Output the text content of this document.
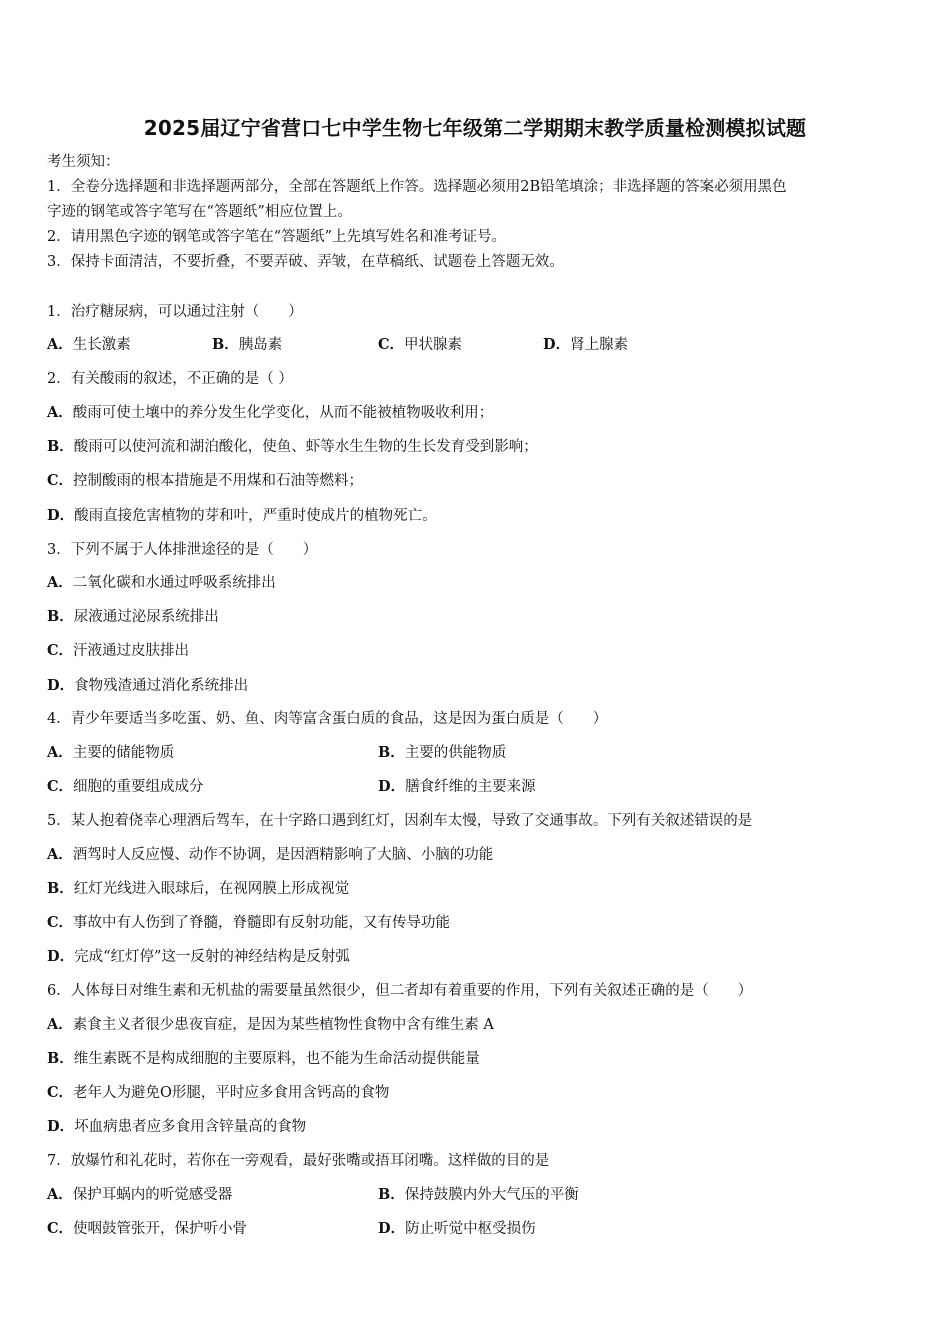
2025届辽宁省营口七中学生物七年级第二学期期末教学质量检测模拟试题
考生须知：
1．全卷分选择题和非选择题两部分，全部在答题纸上作答。选择题必须用2B铅笔填涂；非选择题的答案必须用黑色
字迹的钢笔或答字笔写在“答题纸”相应位置上。
2．请用黑色字迹的钢笔或答字笔在“答题纸”上先填写姓名和准考证号。
3．保持卡面清洁，不要折叠，不要弄破、弄皱，在草稿纸、试题卷上答题无效。
1．治疗糖尿病，可以通过注射（　　）
A．生长激素	B．胰岛素	C．甲状腺素	D．肾上腺素
2．有关酸雨的叙述，不正确的是（ ）
A．酸雨可使土壤中的养分发生化学变化，从而不能被植物吸收利用；
B．酸雨可以使河流和湖泊酸化，使鱼、虾等水生生物的生长发育受到影响；
C．控制酸雨的根本措施是不用煤和石油等燃料；
D．酸雨直接危害植物的芽和叶，严重时使成片的植物死亡。
3．下列不属于人体排泄途径的是（　　）
A．二氧化碳和水通过呼吸系统排出
B．尿液通过泌尿系统排出
C．汗液通过皮肤排出
D．食物残渣通过消化系统排出
4．青少年要适当多吃蛋、奶、鱼、肉等富含蛋白质的食品，这是因为蛋白质是（　　）
A．主要的储能物质	B．主要的供能物质
C．细胞的重要组成成分	D．膳食纤维的主要来源
5．某人抱着侥幸心理酒后驾车，在十字路口遇到红灯，因刹车太慢，导致了交通事故。下列有关叙述错误的是
A．酒驾时人反应慢、动作不协调，是因酒精影响了大脑、小脑的功能
B．红灯光线进入眼球后，在视网膜上形成视觉
C．事故中有人伤到了脊髓，脊髓即有反射功能，又有传导功能
D．完成“红灯停”这一反射的神经结构是反射弧
6．人体每日对维生素和无机盐的需要量虽然很少，但二者却有着重要的作用，下列有关叙述正确的是（　　）
A．素食主义者很少患夜盲症，是因为某些植物性食物中含有维生素 A
B．维生素既不是构成细胞的主要原料，也不能为生命活动提供能量
C．老年人为避免O形腿，平时应多食用含钙高的食物
D．坏血病患者应多食用含锌量高的食物
7．放爆竹和礼花时，若你在一旁观看，最好张嘴或捂耳闭嘴。这样做的目的是
A．保护耳蜗内的听觉感受器	B．保持鼓膜内外大气压的平衡
C．使咽鼓管张开，保护听小骨	D．防止听觉中枢受损伤
